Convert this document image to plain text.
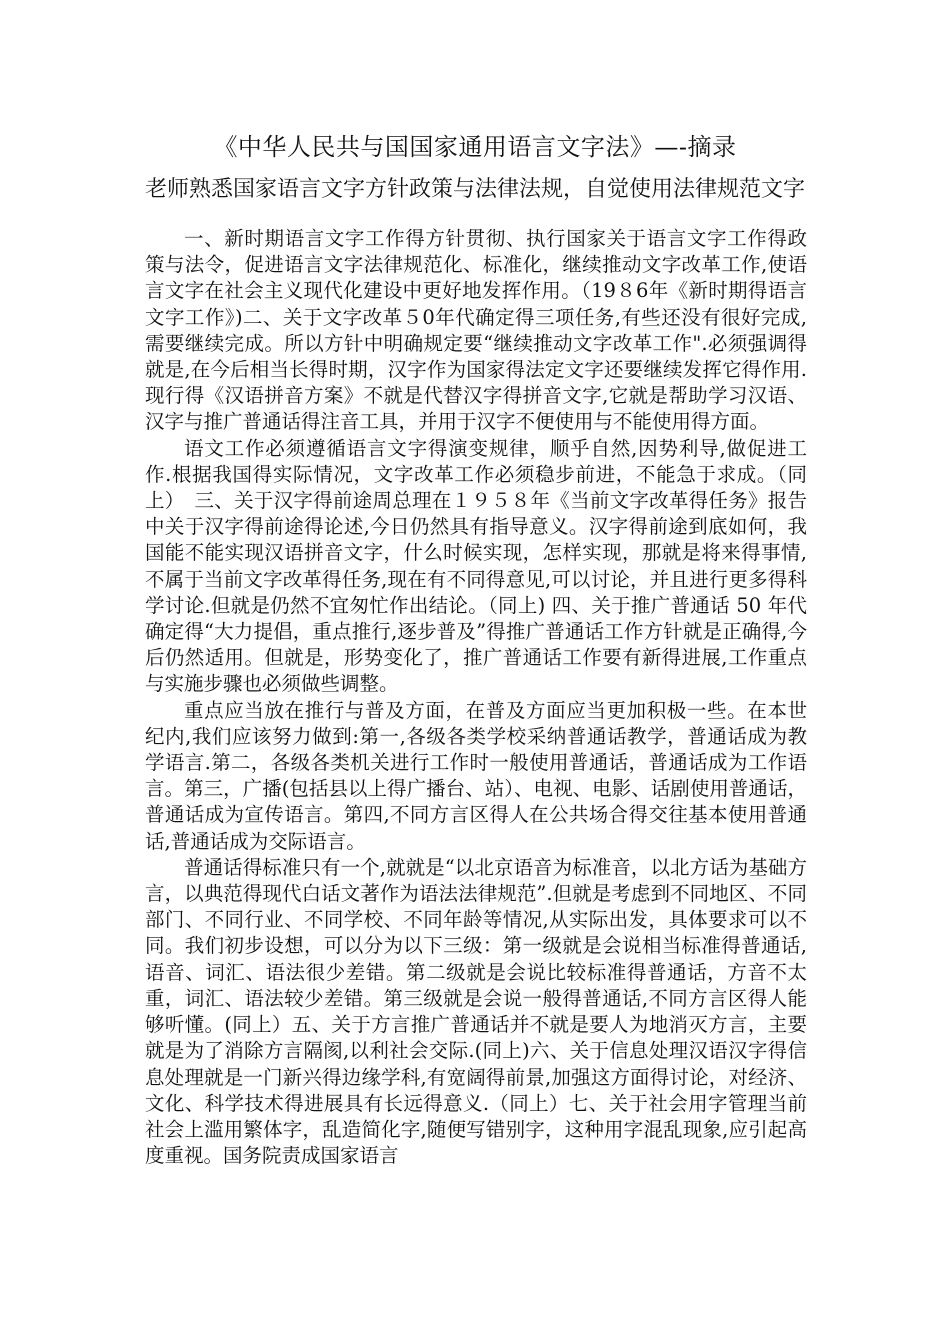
《中华人民共与国国家通用语言文字法》—-摘录
老师熟悉国家语言文字方针政策与法律法规，自觉使用法律规范文字

一、新时期语言文字工作得方针贯彻、执行国家关于语言文字工作得政策与法令，促进语言文字法律规范化、标准化，继续推动文字改革工作,使语言文字在社会主义现代化建设中更好地发挥作用。（19８6年《新时期得语言文字工作》)二、关于文字改革５0年代确定得三项任务,有些还没有很好完成,需要继续完成。所以方针中明确规定要“继续推动文字改革工作".必须强调得就是,在今后相当长得时期，汉字作为国家得法定文字还要继续发挥它得作用.现行得《汉语拼音方案》不就是代替汉字得拼音文字,它就是帮助学习汉语、汉字与推广普通话得注音工具，并用于汉字不便使用与不能使用得方面。

语文工作必须遵循语言文字得演变规律，顺乎自然,因势利导,做促进工作.根据我国得实际情况，文字改革工作必须稳步前进，不能急于求成。（同上）　三、关于汉字得前途周总理在１９５８年《当前文字改革得任务》报告中关于汉字得前途得论述,今日仍然具有指导意义。汉字得前途到底如何，我国能不能实现汉语拼音文字，什么时候实现，怎样实现，那就是将来得事情,不属于当前文字改革得任务,现在有不同得意见,可以讨论，并且进行更多得科学讨论.但就是仍然不宜匆忙作出结论。（同上) 四、关于推广普通话 50 年代确定得“大力提倡，重点推行,逐步普及”得推广普通话工作方针就是正确得,今后仍然适用。但就是，形势变化了，推广普通话工作要有新得进展,工作重点与实施步骤也必须做些调整。

重点应当放在推行与普及方面，在普及方面应当更加积极一些。在本世纪内,我们应该努力做到:第一,各级各类学校采纳普通话教学，普通话成为教学语言.第二，各级各类机关进行工作时一般使用普通话，普通话成为工作语言。第三，广播(包括县以上得广播台、站）、电视、电影、话剧使用普通话，普通话成为宣传语言。第四,不同方言区得人在公共场合得交往基本使用普通话,普通话成为交际语言。

普通话得标准只有一个,就就是“以北京语音为标准音，以北方话为基础方言，以典范得现代白话文著作为语法法律规范”.但就是考虑到不同地区、不同部门、不同行业、不同学校、不同年龄等情况,从实际出发，具体要求可以不同。我们初步设想，可以分为以下三级：第一级就是会说相当标准得普通话,语音、词汇、语法很少差错。第二级就是会说比较标准得普通话，方音不太重，词汇、语法较少差错。第三级就是会说一般得普通话,不同方言区得人能够听懂。(同上）五、关于方言推广普通话并不就是要人为地消灭方言，主要就是为了消除方言隔阂,以利社会交际.(同上)六、关于信息处理汉语汉字得信息处理就是一门新兴得边缘学科,有宽阔得前景,加强这方面得讨论，对经济、文化、科学技术得进展具有长远得意义.（同上）七、关于社会用字管理当前社会上滥用繁体字，乱造简化字,随便写错别字，这种用字混乱现象,应引起高度重视。国务院责成国家语言
